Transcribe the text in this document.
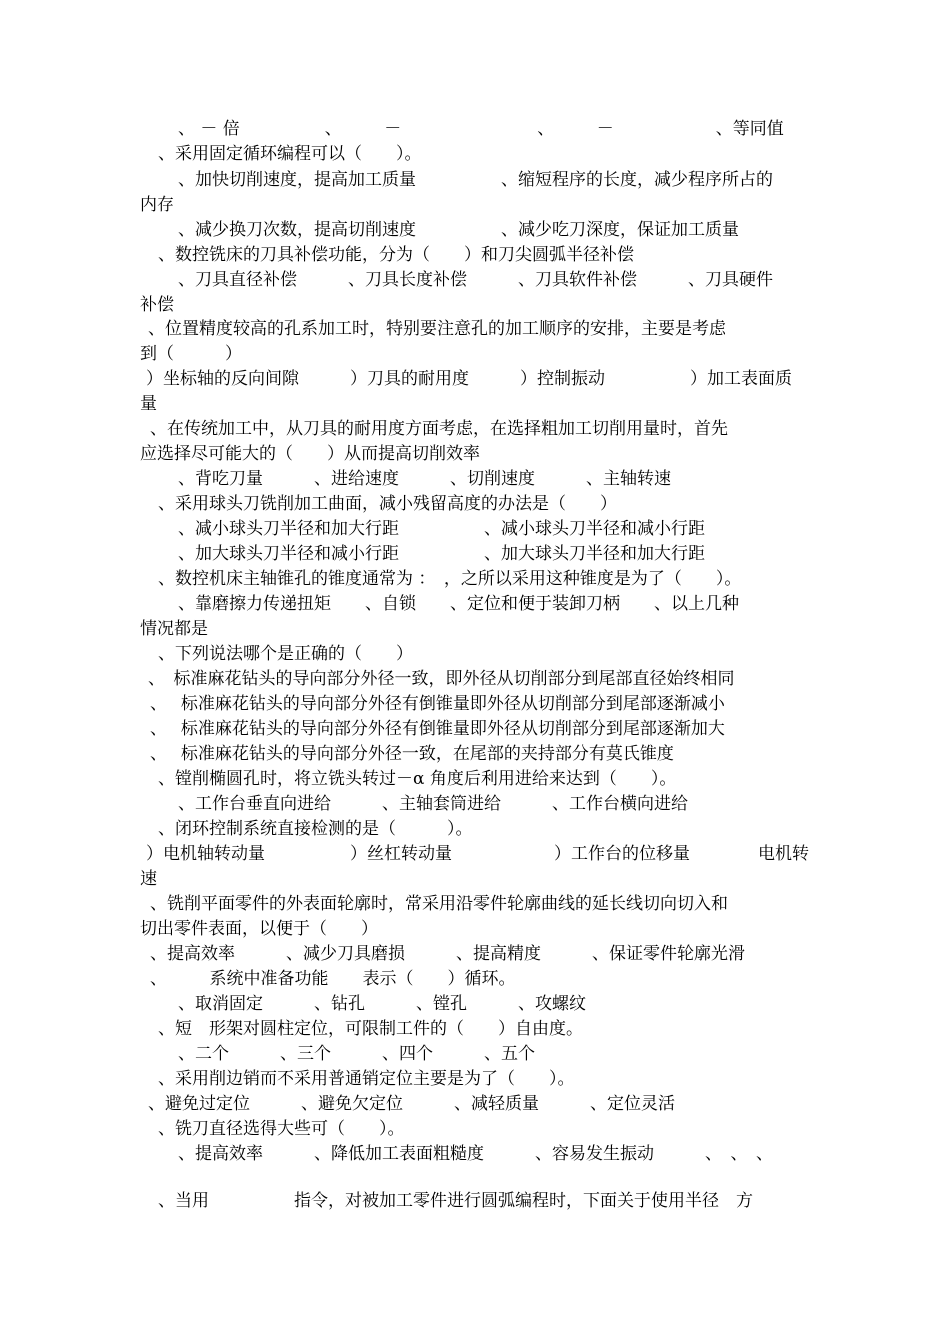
、 － 倍　　　　　、　　　－　　　　　　　　、　　　－　　　　　　、等同值
、采用固定循环编程可以（　　）。
、加快切削速度，提高加工质量　　　　　、缩短程序的长度，减少程序所占的
内存
、减少换刀次数，提高切削速度　　　　　、减少吃刀深度，保证加工质量
、数控铣床的刀具补偿功能，分为（　　）和刀尖圆弧半径补偿
、刀具直径补偿　　　、刀具长度补偿　　　、刀具软件补偿　　　、刀具硬件
补偿
、位置精度较高的孔系加工时，特别要注意孔的加工顺序的安排，主要是考虑
到（　　　）
）坐标轴的反向间隙　　　）刀具的耐用度　　　）控制振动　　　　　）加工表面质
量
、在传统加工中，从刀具的耐用度方面考虑，在选择粗加工切削用量时，首先
应选择尽可能大的（　　）从而提高切削效率
、背吃刀量　　　、进给速度　　　、切削速度　　　、主轴转速
、采用球头刀铣削加工曲面，减小残留高度的办法是（　　）
、减小球头刀半径和加大行距　　　　　、减小球头刀半径和减小行距
、加大球头刀半径和减小行距　　　　　、加大球头刀半径和加大行距
、数控机床主轴锥孔的锥度通常为 ：　，之所以采用这种锥度是为了（　　）。
、靠磨擦力传递扭矩　　、自锁　　、定位和便于装卸刀柄　　、以上几种
情况都是
、下列说法哪个是正确的（　　）
、　标准麻花钻头的导向部分外径一致，即外径从切削部分到尾部直径始终相同
、　 标准麻花钻头的导向部分外径有倒锥量即外径从切削部分到尾部逐渐减小
、　 标准麻花钻头的导向部分外径有倒锥量即外径从切削部分到尾部逐渐加大
、　 标准麻花钻头的导向部分外径一致，在尾部的夹持部分有莫氏锥度
、镗削椭圆孔时，将立铣头转过－α 角度后利用进给来达到（　　）。
、工作台垂直向进给　　　、主轴套筒进给　　　、工作台横向进给
、闭环控制系统直接检测的是（　　　）。
）电机轴转动量　　　　　）丝杠转动量　　　　　　）工作台的位移量　　　　电机转
速
、铣削平面零件的外表面轮廓时，常采用沿零件轮廓曲线的延长线切向切入和
切出零件表面，以便于（　　）
、提高效率　　　、减少刀具磨损　　　、提高精度　　　、保证零件轮廓光滑
、　　　系统中准备功能　　表示（　　）循环。
、取消固定　　　、钻孔　　　、镗孔　　　、攻螺纹
、短　形架对圆柱定位，可限制工件的（　　）自由度。
、二个　　　、三个　　　、四个　　　、五个
、采用削边销而不采用普通销定位主要是为了（　　）。
、避免过定位　　　、避免欠定位　　　、减轻质量　　　、定位灵活
、铣刀直径选得大些可（　　）。
、提高效率　　　、降低加工表面粗糙度　　　、容易发生振动　　　、　、　、
、当用　　　　　指令，对被加工零件进行圆弧编程时，下面关于使用半径　方
